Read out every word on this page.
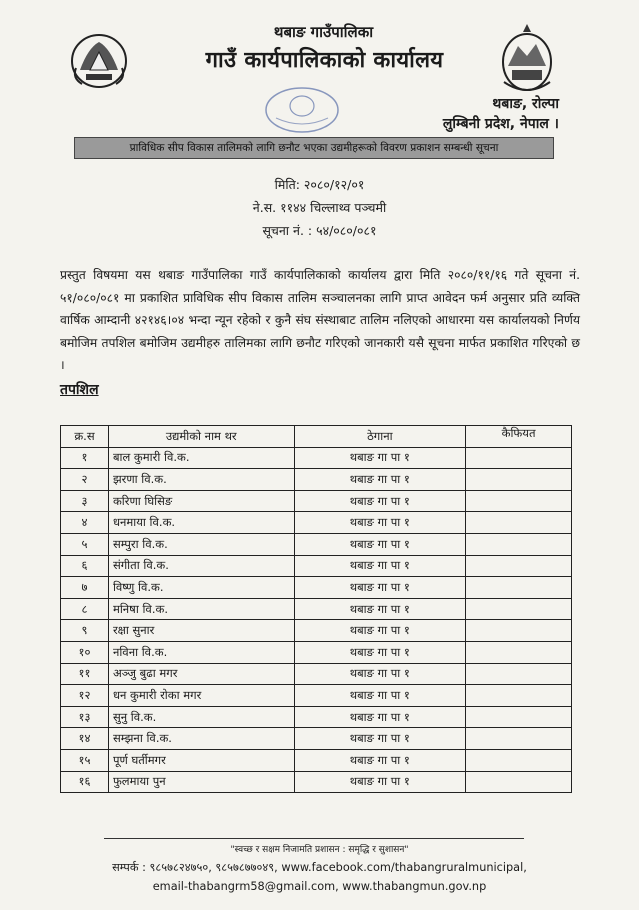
थबाङ गाउँपालिका
गाउँ कार्यपालिकाको कार्यालय
थबाङ, रोल्पा
लुम्बिनी प्रदेश, नेपाल ।
प्राविधिक सीप विकास तालिमको लागि छनौट भएका उद्यमीहरूको विवरण प्रकाशन सम्बन्धी सूचना
मिति: २०८०/१२/०१
ने.स. ११४४ चिल्लाथ्व पञ्चमी
सूचना नं. : ५४/०८०/०८१
प्रस्तुत विषयमा यस थबाङ गाउँपालिका गाउँ कार्यपालिकाको कार्यालय द्वारा मिति २०८०/११/१६ गते सूचना नं. ५१/०८०/०८१ मा प्रकाशित प्राविधिक सीप विकास तालिम सञ्चालनका लागि प्राप्त आवेदन फर्म अनुसार प्रति व्यक्ति वार्षिक आम्दानी ४२१४६।०४ भन्दा न्यून रहेको र कुनै संघ संस्थाबाट तालिम नलिएको आधारमा यस कार्यालयको निर्णय बमोजिम तपशिल बमोजिम उद्यमीहरु तालिमका लागि छनौट गरिएको जानकारी यसै सूचना मार्फत प्रकाशित गरिएको छ ।
तपशिल
क्र.स	उद्यमीको नाम थर	ठेगाना	कैफियत
१	बाल कुमारी वि.क.	थबाङ गा पा १	
२	झरणा वि.क.	थबाङ गा पा १	
३	करिणा घिसिङ	थबाङ गा पा १	
४	धनमाया वि.क.	थबाङ गा पा १	
५	सम्पुरा वि.क.	थबाङ गा पा १	
६	संगीता वि.क.	थबाङ गा पा १	
७	विष्णु वि.क.	थबाङ गा पा १	
८	मनिषा वि.क.	थबाङ गा पा १	
९	रक्षा सुनार	थबाङ गा पा १	
१०	नविना वि.क.	थबाङ गा पा १	
११	अञ्जु बुढा मगर	थबाङ गा पा १	
१२	धन कुमारी रोका मगर	थबाङ गा पा १	
१३	सुनु वि.क.	थबाङ गा पा १	
१४	सम्झना वि.क.	थबाङ गा पा १	
१५	पूर्ण घर्तीमगर	थबाङ गा पा १	
१६	फुलमाया पुन	थबाङ गा पा १	
"स्वच्छ र सक्षम निजामति प्रशासन : समृद्धि र सुशासन"
सम्पर्क : ९८५७८२४७५०, ९८५७८७७०४९, www.facebook.com/thabangruralmunicipal,
email-thabangrm58@gmail.com, www.thabangmun.gov.np
